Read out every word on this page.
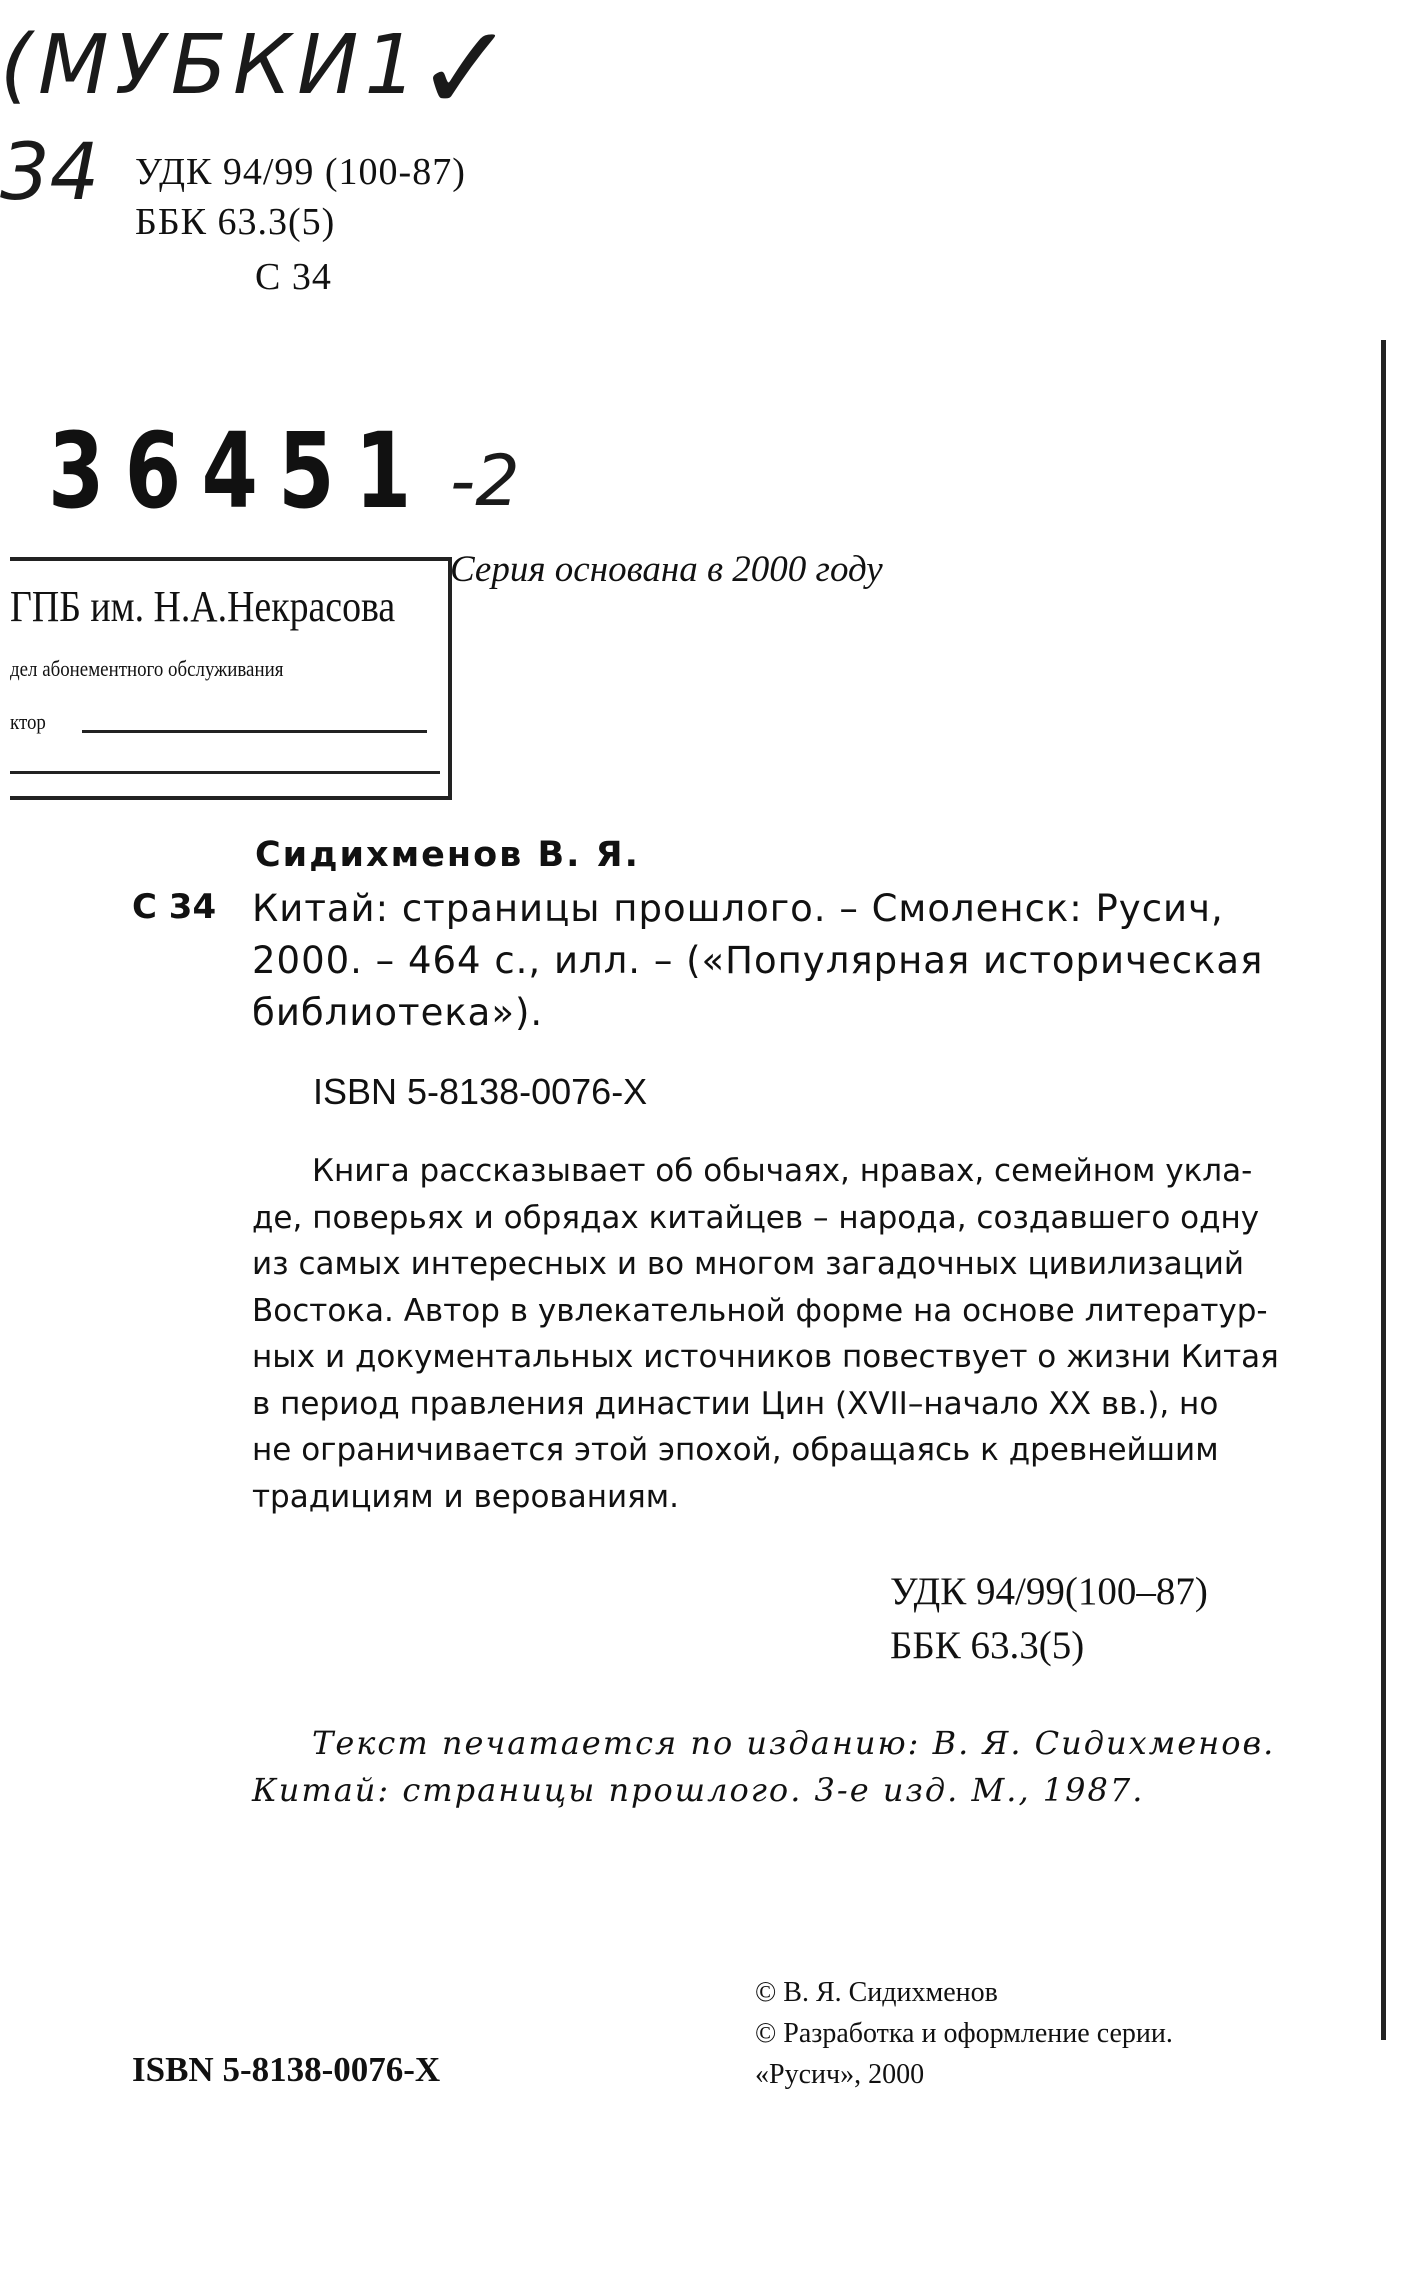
(МУБКИ1
✓
34 УДК 94/99 (100-87)
ББК 63.3(5)
С 34
36451 -2
Серия основана в 2000 году
ГПБ им. Н.А.Некрасова
дел абонементного обслуживания
ктор
Сидихменов В. Я.
С 34 Китай: страницы прошлого. – Смоленск: Русич,
2000. – 464 с., илл. – («Популярная историческая
библиотека»).
ISBN 5-8138-0076-X
Книга рассказывает об обычаях, нравах, семейном укла-
де, поверьях и обрядах китайцев – народа, создавшего одну
из самых интересных и во многом загадочных цивилизаций
Востока. Автор в увлекательной форме на основе литератур-
ных и документальных источников повествует о жизни Китая
в период правления династии Цин (XVII–начало XX вв.), но
не ограничивается этой эпохой, обращаясь к древнейшим
традициям и верованиям.
УДК 94/99(100–87)
ББК 63.3(5)
Текст печатается по изданию: В. Я. Сидихменов.
Китай: страницы прошлого. 3-е изд. М., 1987.
ISBN 5-8138-0076-X
© В. Я. Сидихменов
© Разработка и оформление серии.
«Русич», 2000
